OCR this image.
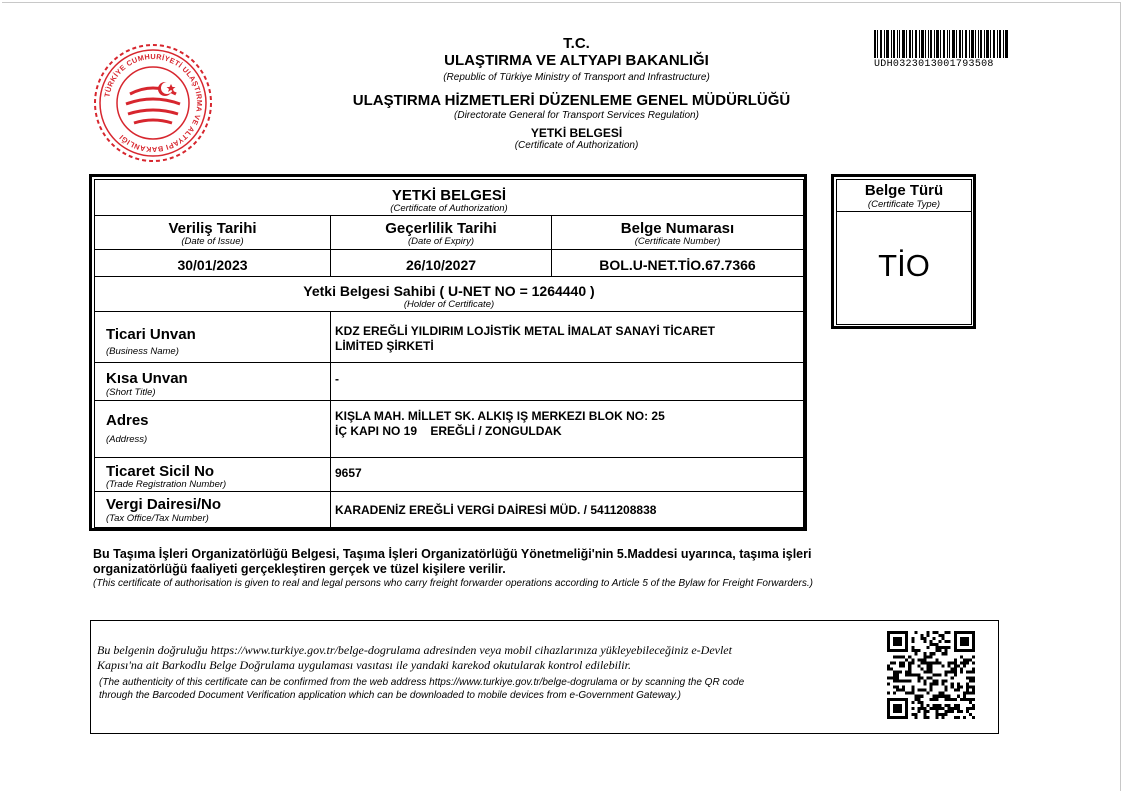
TÜRKİYE CUMHURİYETİ ULAŞTIRMA VE ALTYAPI BAKANLIĞI
T.C.
ULAŞTIRMA VE ALTYAPI BAKANLIĞI
(Republic of Türkiye Ministry of Transport and Infrastructure)
ULAŞTIRMA HİZMETLERİ DÜZENLEME GENEL MÜDÜRLÜĞÜ
(Directorate General for Transport Services Regulation)
YETKİ BELGESİ
(Certificate of Authorization)
UDH032301300179350​8
YETKİ BELGESİ
(Certificate of Authorization)
Veriliş Tarihi
(Date of Issue)
30/01/2023
Geçerlilik Tarihi
(Date of Expiry)
26/10/2027
Belge Numarası
(Certificate Number)
BOL.U-NET.TİO.67.7366
Yetki Belgesi Sahibi ( U-NET NO = 1264440 )
(Holder of Certificate)
Ticari Unvan
(Business Name)
KDZ EREĞLİ YILDIRIM LOJİSTİK METAL İMALAT SANAYİ TİCARET
LİMİTED ŞİRKETİ
Kısa Unvan
(Short Title)
-
Adres
(Address)
KIŞLA MAH. MİLLET SK. ALKIŞ IŞ MERKEZI BLOK NO: 25
İÇ KAPI NO 19    EREĞLİ / ZONGULDAK
Ticaret Sicil No
(Trade Registration Number)
9657
Vergi Dairesi/No
(Tax Office/Tax Number)
KARADENİZ EREĞLİ VERGİ DAİRESİ MÜD. / 5411208838
Belge Türü
(Certificate Type)
TİO
Bu Taşıma İşleri Organizatörlüğü Belgesi, Taşıma İşleri Organizatörlüğü Yönetmeliği'nin 5.Maddesi uyarınca, taşıma işleri
organizatörlüğü faaliyeti gerçekleştiren gerçek ve tüzel kişilere verilir.
(This certificate of authorisation is given to real and legal persons who carry freight forwarder operations according to Article 5 of the Bylaw for Freight Forwarders.)
Bu belgenin doğruluğu https://www.turkiye.gov.tr/belge-dogrulama adresinden veya mobil cihazlarınıza yükleyebileceğiniz e-Devlet
Kapısı'na ait Barkodlu Belge Doğrulama uygulaması vasıtası ile yandaki karekod okutularak kontrol edilebilir.
(The authenticity of this certificate can be confirmed from the web address https://www.turkiye.gov.tr/belge-dogrulama or by scanning the QR code
through the Barcoded Document Verification application which can be downloaded to mobile devices from e-Government Gateway.)
